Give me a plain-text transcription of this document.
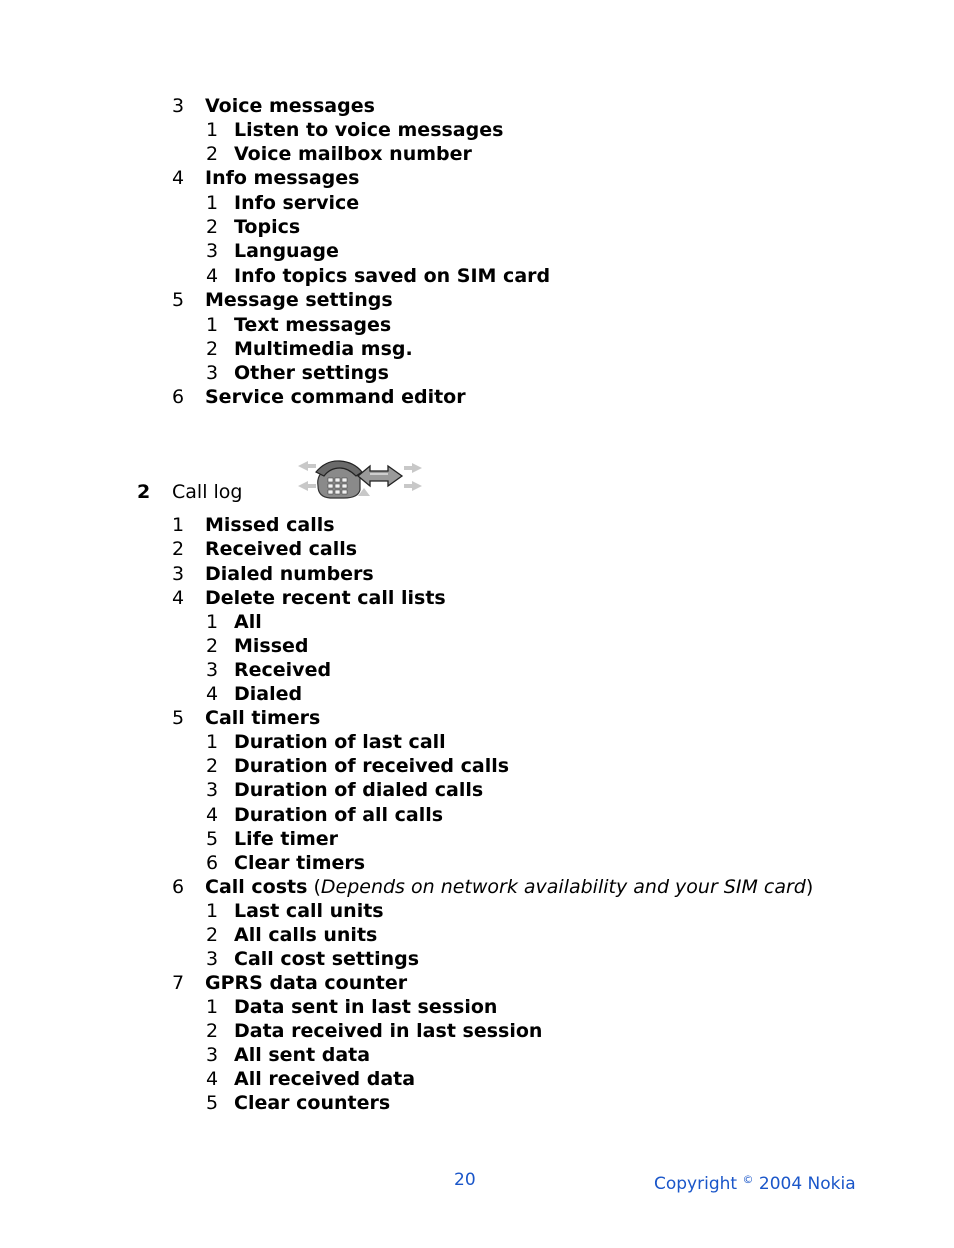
3 Voice messages
1 Listen to voice messages
2 Voice mailbox number
4 Info messages
1 Info service
2 Topics
3 Language
4 Info topics saved on SIM card
5 Message settings
1 Text messages
2 Multimedia msg.
3 Other settings
6 Service command editor
2 Call log
1 Missed calls
2 Received calls
3 Dialed numbers
4 Delete recent call lists
1 All
2 Missed
3 Received
4 Dialed
5 Call timers
1 Duration of last call
2 Duration of received calls
3 Duration of dialed calls
4 Duration of all calls
5 Life timer
6 Clear timers
6 Call costs (Depends on network availability and your SIM card)
1 Last call units
2 All calls units
3 Call cost settings
7 GPRS data counter
1 Data sent in last session
2 Data received in last session
3 All sent data
4 All received data
5 Clear counters
20	Copyright © 2004 Nokia
